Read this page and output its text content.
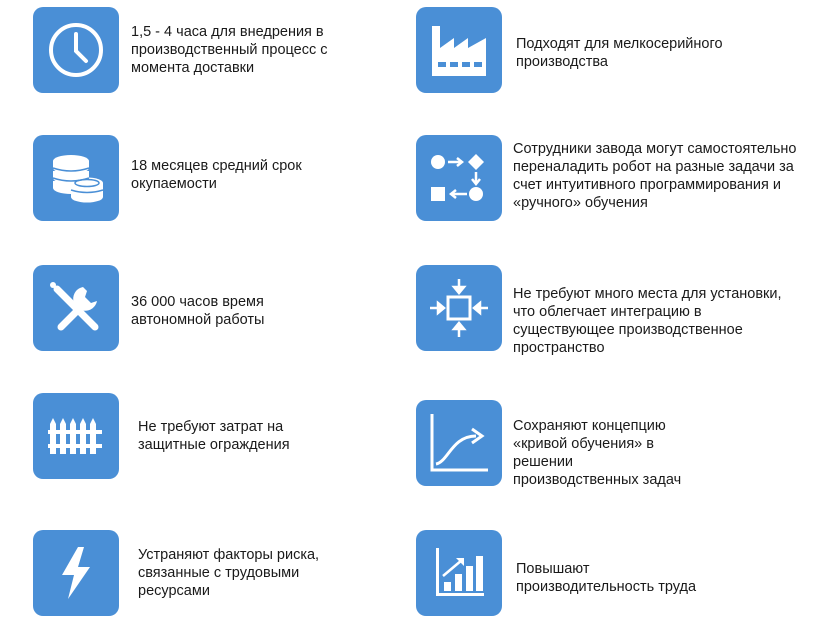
1,5 - 4 часа для внедрения в
производственный процесс с
момента доставки

18 месяцев средний срок
окупаемости

36 000 часов время
автономной работы

Не требуют затрат на
защитные ограждения

Устраняют факторы риска,
связанные с трудовыми
ресурсами

Подходят для мелкосерийного
производства

Сотрудники завода могут самостоятельно
переналадить робот на разные задачи за
счет интуитивного программирования и
«ручного» обучения

Не требуют много места для установки,
что облегчает интеграцию в
существующее производственное
пространство

Сохраняют концепцию
«кривой обучения» в
решении
производственных задач

Повышают
производительность труда
